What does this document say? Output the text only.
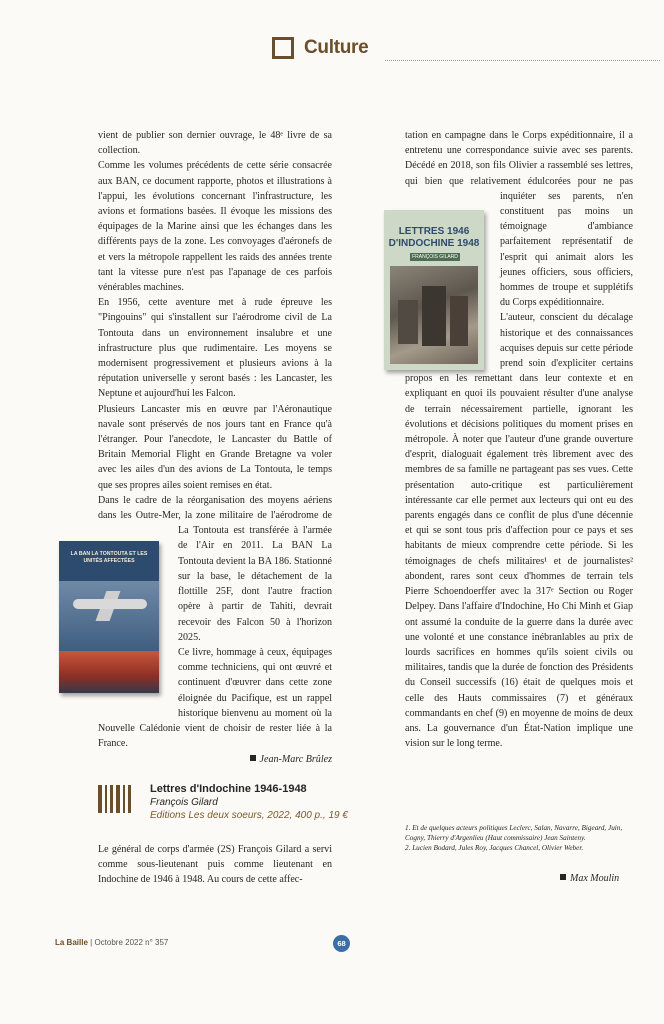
Culture
LETTRES 1946
D'INDOCHINE 1948
FRANÇOIS GILARD
LA BAN LA TONTOUTA ET LES UNITÉS AFFECTÉES

vient de publier son dernier ouvrage, le 48ᵉ livre de sa collection.

Comme les volumes précédents de cette série consacrée aux BAN, ce document rapporte, photos et illustrations à l'appui, les évolutions concernant l'infrastructure, les avions et formations basées. Il évoque les missions des équipages de la Marine ainsi que les échanges dans les différents pays de la zone. Les convoyages d'aéronefs de et vers la métropole rappellent les raids des années trente tant la vitesse pure n'est pas l'apanage de ces parfois vénérables machines.

En 1956, cette aventure met à rude épreuve les "Pingouins" qui s'installent sur l'aérodrome civil de La Tontouta dans un environnement insalubre et une infrastructure plus que rudimentaire. Les moyens se modernisent progressivement et plusieurs avions à la réputation universelle y seront basés : les Lancaster, les Neptune et aujourd'hui les Falcon.

Plusieurs Lancaster mis en œuvre par l'Aéronautique navale sont préservés de nos jours tant en France qu'à l'étranger. Pour l'anecdote, le Lancaster du Battle of Britain Memorial Flight en Grande Bretagne va voler avec les ailes d'un des avions de La Tontouta, le temps que ses propres ailes soient remises en état.

Dans le cadre de la réorganisation des moyens aériens dans les Outre-Mer, la zone militaire de l'aérodrome de La Tontouta est transférée à l'armée de l'Air en 2011. La BAN La Tontouta devient la BA 186. Stationné sur la base, le détachement de la flottille 25F, dont l'autre fraction opère à partir de Tahiti, devrait recevoir des Falcon 50 à l'horizon 2025.

Ce livre, hommage à ceux, équipages comme techniciens, qui ont œuvré et continuent d'œuvrer dans cette zone éloignée du Pacifique, est un rappel historique bienvenu au moment où la Nouvelle Calédonie vient de choisir de rester liée à la France.

Jean-Marc Brûlez
Lettres d'Indochine 1946-1948
François Gilard
Editions Les deux soeurs, 2022, 400 p., 19 €

Le général de corps d'armée (2S) François Gilard a servi comme sous-lieutenant puis comme lieutenant en Indochine de 1946 à 1948. Au cours de cette affec-

tation en campagne dans le Corps expéditionnaire, il a entretenu une correspondance suivie avec ses parents. Décédé en 2018, son fils Olivier a rassemblé ses lettres, qui bien que relativement édulcorées pour ne pas inquiéter ses parents, n'en constituent pas moins un témoignage d'ambiance parfaitement représentatif de l'esprit qui animait alors les jeunes officiers, sous officiers, hommes de troupe et supplétifs du Corps expéditionnaire.

L'auteur, conscient du décalage historique et des connaissances acquises depuis sur cette période prend soin d'expliciter certains propos en les remettant dans leur contexte et en expliquant en quoi ils pouvaient résulter d'une analyse de terrain nécessairement partielle, ignorant les évolutions et décisions politiques du moment prises en métropole. À noter que l'auteur d'une grande ouverture d'esprit, dialoguait également très librement avec des membres de sa famille ne partageant pas ses vues. Cette présentation auto-critique est particulièrement intéressante car elle permet aux lecteurs qui ont eu des parents engagés dans ce conflit de plus d'une décennie et qui se sont tous pris d'affection pour ce pays et ses habitants de mieux comprendre cette période. Si les témoignages de chefs militaires¹ et de journalistes² abondent, rares sont ceux d'hommes de terrain tels Pierre Schoendoerffer avec la 317ᵉ Section ou Roger Delpey. Dans l'affaire d'Indochine, Ho Chi Minh et Giap ont assumé la conduite de la guerre dans la durée avec une volonté et une constance inébranlables au prix de lourds sacrifices en hommes qu'ils soient civils ou militaires, tandis que la durée de fonction des Présidents du Conseil successifs (16) était de quelques mois et celle des Hauts commissaires (7) et généraux commandants en chef (9) en moyenne de moins de deux ans. La gouvernance d'un État-Nation implique une vision sur le long terme.

1. Et de quelques acteurs politiques Leclerc, Salan, Navarre, Bigeard, Juin, Cogny, Thierry d'Argenlieu (Haut commissaire) Jean Sainteny.

2. Lucien Bodard, Jules Roy, Jacques Chancel, Olivier Weber.

Max Moulin
La Baille | Octobre 2022 n° 357	68
